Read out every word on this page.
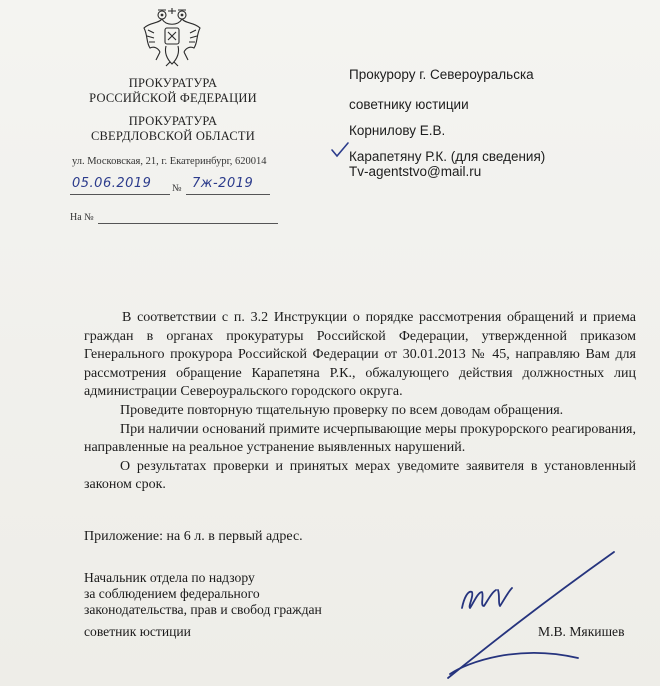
ПРОКУРАТУРА
РОССИЙСКОЙ ФЕДЕРАЦИИ
ПРОКУРАТУРА
СВЕРДЛОВСКОЙ ОБЛАСТИ
ул. Московская, 21, г. Екатеринбург, 620014
05.06.2019 № 7ж-2019
На №
Прокурору г. Североуральска
советнику юстиции
Корнилову Е.В.
Карапетяну Р.К. (для сведения)
Tv-agentstvo@mail.ru

В соответствии с п. 3.2 Инструкции о порядке рассмотрения обращений и приема граждан в органах прокуратуры Российской Федерации, утвержденной приказом Генерального прокурора Российской Федерации от 30.01.2013 № 45, направляю Вам для рассмотрения обращение Карапетяна Р.К., обжалующего действия должностных лиц администрации Североуральского городского округа.

Проведите повторную тщательную проверку по всем доводам обращения.

При наличии оснований примите исчерпывающие меры прокурорского реагирования, направленные на реальное устранение выявленных нарушений.

О результатах проверки и принятых мерах уведомите заявителя в установленный законом срок.

Приложение: на 6 л. в первый адрес.
Начальник отдела по надзору
за соблюдением федерального
законодательства, прав и свобод граждан
советник юстиции	М.В. Мякишев
